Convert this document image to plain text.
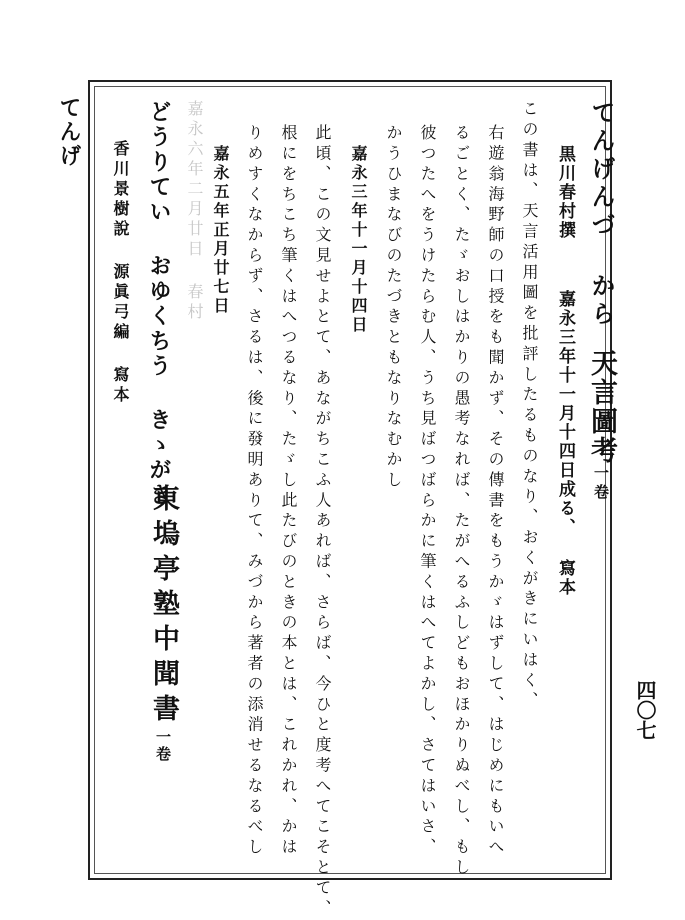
てんげ
四〇七
てんげんづ から天言圖考一卷
黒川春村撰嘉永三年十一月十四日成る、 寫本
この書は、天言活用圖を批評したるものなり、おくがきにいはく、
右遊翁海野師の口授をも聞かず、その傳書をもうかゞはずして、はじめにもいへ
るごとく、たゞおしはかりの愚考なれば、たがへるふしどもおほかりぬべし、もし
彼つたへをうけたらむ人、うち見ばつばらかに筆くはへてよかし、さてはいさ、
かうひまなびのたづきともなりなむかし
嘉永三年十一月十四日
此頃、この文見せよとて、あながちこふ人あれば、さらば、今ひと度考へてこそとて、
根にをちこち筆くはへつるなり、たゞし此たびのときの本とは、これかれ、かは
りめすくなからず、さるは、後に發明ありて、みづから著者の添消せるなるべし
嘉永五年正月廿七日
嘉永六年二月廿日 春村
どうりてい おゆくちう きゝがき
香川景樹說 源眞弓編 寫本
東塢亭塾中聞書一卷
